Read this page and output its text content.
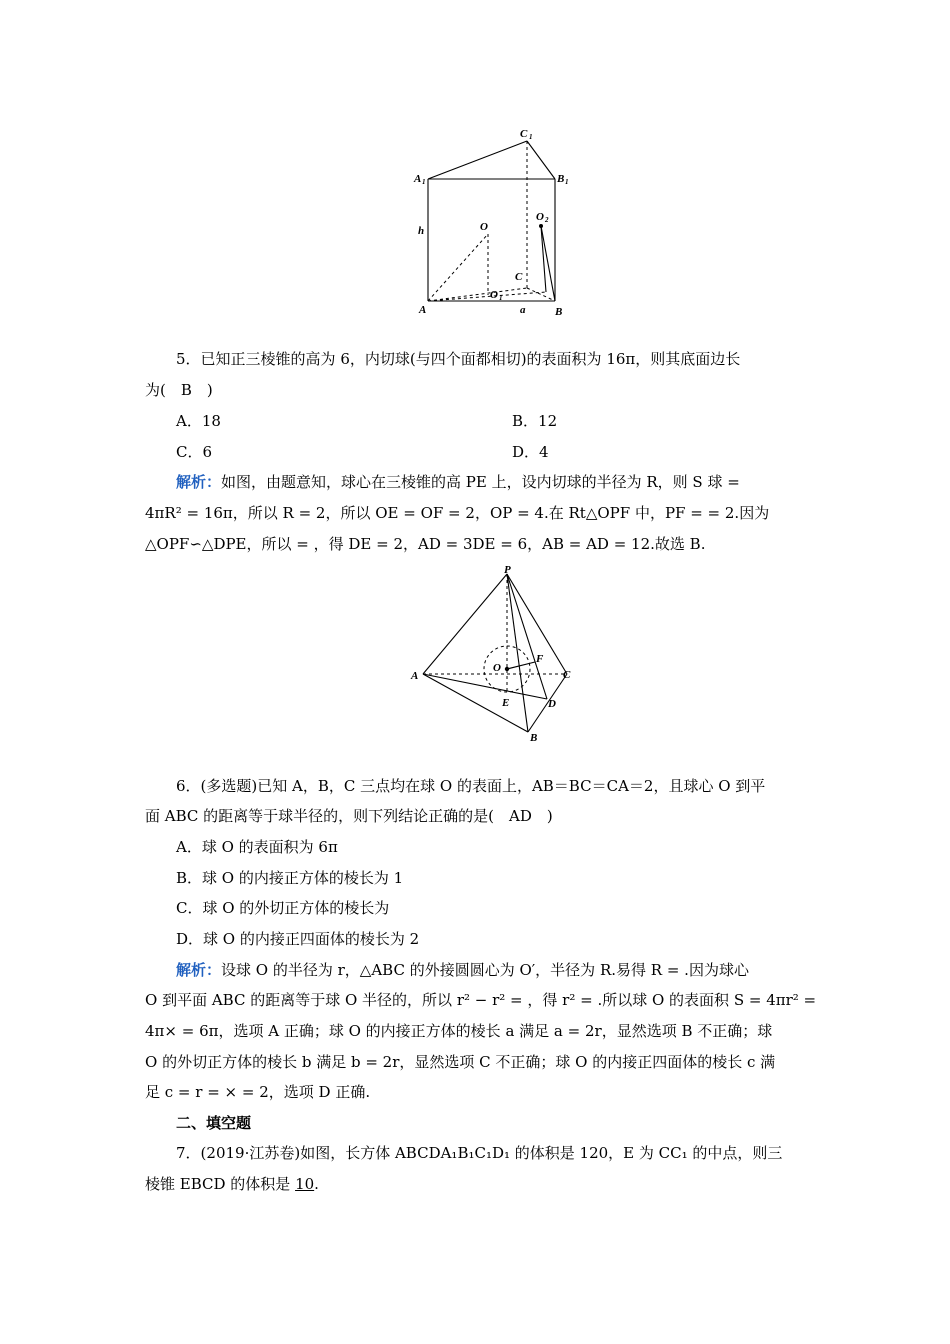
C 1
A 1	B 1
h	O
O 2
C
O 1
A	a	B
5．已知正三棱锥的高为 6，内切球(与四个面都相切)的表面积为 16π，则其底面边长
为(　B　)
A．18	B．12
C．6	D．4
解析：如图，由题意知，球心在三棱锥的高 PE 上，设内切球的半径为 R，则 S 球 =
4πR² = 16π，所以 R = 2，所以 OE = OF = 2，OP = 4.在 Rt△OPF 中，PF = = 2.因为
△OPF∽△DPE，所以 = ，得 DE = 2，AD = 3DE = 6，AB = AD = 12.故选 B.
P
O
F
A	C
E	D
B
6．(多选题)已知 A，B，C 三点均在球 O 的表面上，AB＝BC＝CA＝2，且球心 O 到平
面 ABC 的距离等于球半径的，则下列结论正确的是(　AD　)
A．球 O 的表面积为 6π
B．球 O 的内接正方体的棱长为 1
C．球 O 的外切正方体的棱长为
D．球 O 的内接正四面体的棱长为 2
解析：设球 O 的半径为 r，△ABC 的外接圆圆心为 O′，半径为 R.易得 R = .因为球心
O 到平面 ABC 的距离等于球 O 半径的，所以 r² − r² = ，得 r² = .所以球 O 的表面积 S = 4πr² =
4π× = 6π，选项 A 正确；球 O 的内接正方体的棱长 a 满足 a = 2r，显然选项 B 不正确；球
O 的外切正方体的棱长 b 满足 b = 2r，显然选项 C 不正确；球 O 的内接正四面体的棱长 c 满
足 c = r = × = 2，选项 D 正确.
二、填空题
7．(2019·江苏卷)如图，长方体 ABCDA₁B₁C₁D₁ 的体积是 120，E 为 CC₁ 的中点，则三
棱锥 EBCD 的体积是 10.
